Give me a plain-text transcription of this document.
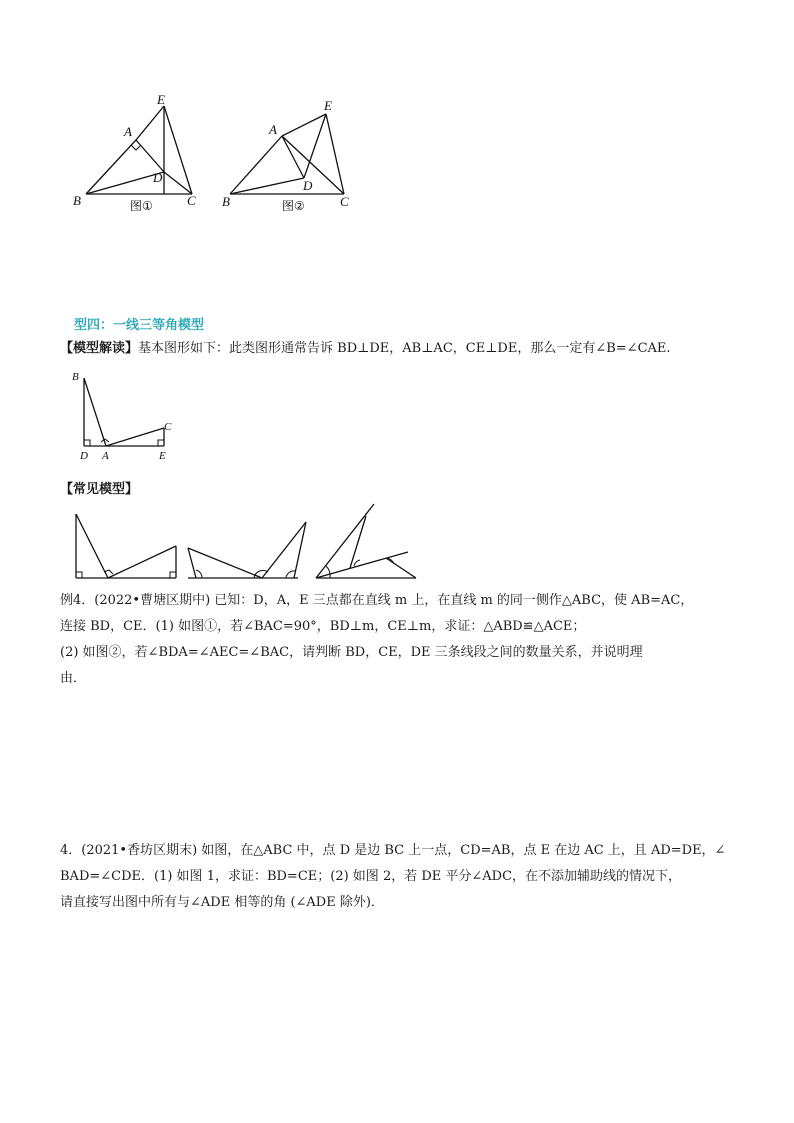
E
A
D
B	C
图①
E
A
D
B	C
图②
型四：一线三等角模型
【模型解读】基本图形如下：此类图形通常告诉 BD⊥DE，AB⊥AC，CE⊥DE，那么一定有∠B=∠CAE.
B
C
D A	E
【常见模型】
例4．(2022•曹塘区期中) 已知：D，A，E 三点都在直线 m 上，在直线 m 的同一侧作△ABC，使 AB=AC，
连接 BD，CE．(1) 如图①，若∠BAC=90°，BD⊥m，CE⊥m，求证：△ABD≌△ACE；
(2) 如图②，若∠BDA=∠AEC=∠BAC，请判断 BD，CE，DE 三条线段之间的数量关系，并说明理
由．
4．(2021•香坊区期末) 如图，在△ABC 中，点 D 是边 BC 上一点，CD=AB，点 E 在边 AC 上，且 AD=DE，∠
BAD=∠CDE．(1) 如图 1，求证：BD=CE；(2) 如图 2，若 DE 平分∠ADC，在不添加辅助线的情况下，
请直接写出图中所有与∠ADE 相等的角 (∠ADE 除外)．
